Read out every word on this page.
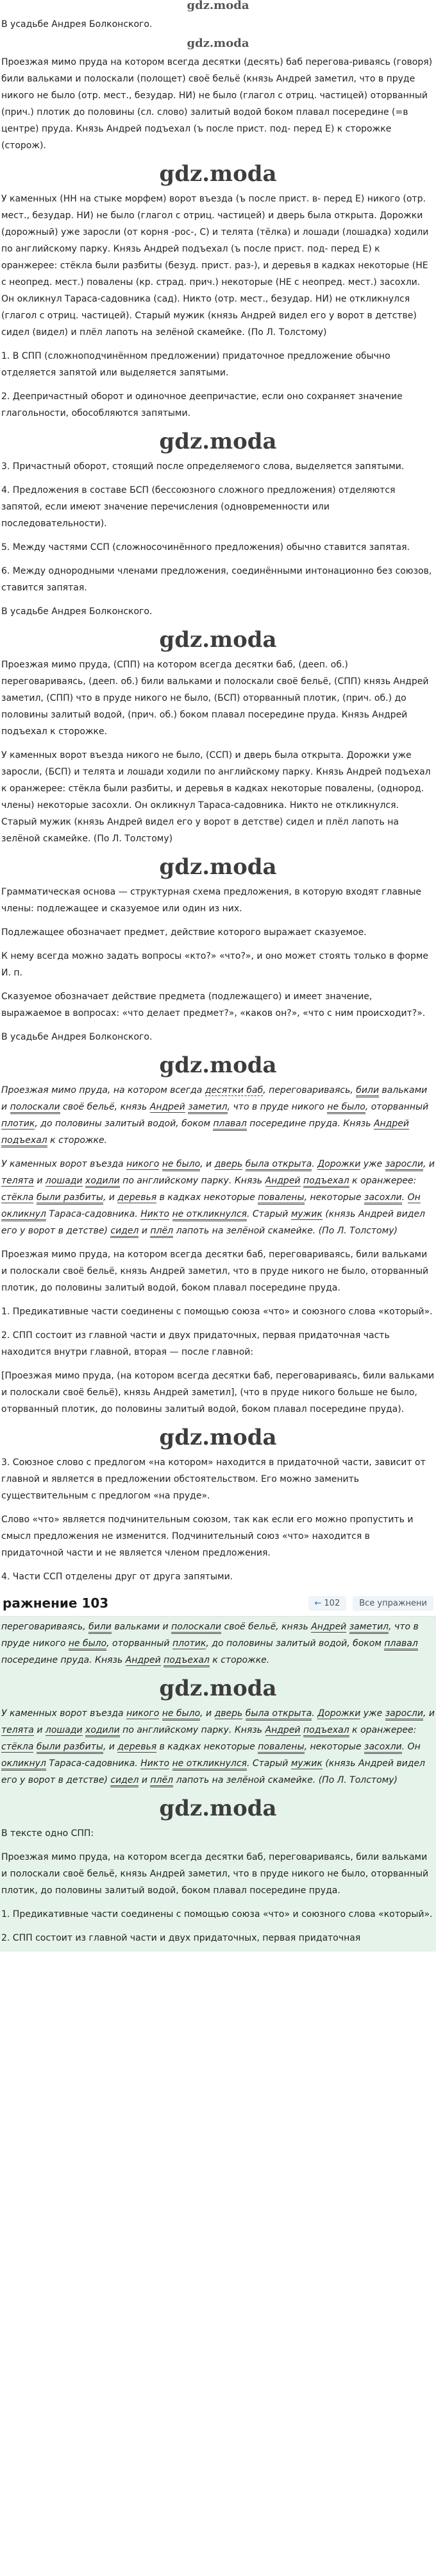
gdz.moda

В усадьбе Андрея Болконского.

gdz.moda

Проезжая мимо пруда на котором всегда десятки (десять) баб перегова-риваясь (говоря) били вальками и полоскали (полощет) своё бельё (князь Андрей заметил, что в пруде никого не было (отр. мест., безудар. НИ) не было (глагол с отриц. частицей) оторванный (прич.) плотик до половины (сл. слово) залитый водой боком плавал посередине (=в центре) пруда. Князь Андрей подъехал (ъ после прист. под- перед Е) к сторожке (сторож).

gdz.moda

У каменных (НН на стыке морфем) ворот въезда (ъ после прист. в- перед Е) никого (отр. мест., безудар. НИ) не было (глагол с отриц. частицей) и дверь была открыта. Дорожки (дорожный) уже заросли (от корня -рос-, С) и телята (тёлка) и лошади (лошадка) ходили по английскому парку. Князь Андрей подъехал (ъ после прист. под- перед Е) к оранжерее: стёкла были разбиты (безуд. прист. раз-), и деревья в кадках некоторые (НЕ с неопред. мест.) повалены (кр. страд. прич.) некоторые (НЕ с неопред. мест.) засохли. Он окликнул Тараса-садовника (сад). Никто (отр. мест., безудар. НИ) не откликнулся (глагол с отриц. частицей). Старый мужик (князь Андрей видел его у ворот в детстве) сидел (видел) и плёл лапоть на зелёной скамейке. (По Л. Толстому)

1. В СПП (сложноподчинённом предложении) придаточное предложение обычно отделяется запятой или выделяется запятыми.

2. Деепричастный оборот и одиночное деепричастие, если оно сохраняет значение глагольности, обособляются запятыми.

gdz.moda

3. Причастный оборот, стоящий после определяемого слова, выделяется запятыми.

4. Предложения в составе БСП (бессоюзного сложного предложения) отделяются запятой, если имеют значение перечисления (одновременности или последовательности).

5. Между частями ССП (сложносочинённого предложения) обычно ставится запятая.

6. Между однородными членами предложения, соединёнными интонационно без союзов, ставится запятая.

В усадьбе Андрея Болконского.

gdz.moda

Проезжая мимо пруда, (СПП) на котором всегда десятки баб, (дееп. об.) переговариваясь, (дееп. об.) били вальками и полоскали своё бельё, (СПП) князь Андрей заметил, (СПП) что в пруде никого не было, (БСП) оторванный плотик, (прич. об.) до половины залитый водой, (прич. об.) боком плавал посередине пруда. Князь Андрей подъехал к сторожке.

У каменных ворот въезда никого не было, (ССП) и дверь была открыта. Дорожки уже заросли, (БСП) и телята и лошади ходили по английскому парку. Князь Андрей подъехал к оранжерее: стёкла были разбиты, и деревья в кадках некоторые повалены, (однород. члены) некоторые засохли. Он окликнул Тараса-садовника. Никто не откликнулся. Старый мужик (князь Андрей видел его у ворот в детстве) сидел и плёл лапоть на зелёной скамейке. (По Л. Толстому)

gdz.moda

Грамматическая основа — структурная схема предложения, в которую входят главные члены: подлежащее и сказуемое или один из них.

Подлежащее обозначает предмет, действие которого выражает сказуемое.

К нему всегда можно задать вопросы «кто?» «что?», и оно может стоять только в форме И. п.

Сказуемое обозначает действие предмета (подлежащего) и имеет значение, выражаемое в вопросах: «что делает предмет?», «каков он?», «что с ним происходит?».

В усадьбе Андрея Болконского.

gdz.moda

Проезжая мимо пруда, на котором всегда десятки баб, переговариваясь, били вальками и полоскали своё бельё, князь Андрей заметил, что в пруде никого не было, оторванный плотик, до половины залитый водой, боком плавал посередине пруда. Князь Андрей подъехал к сторожке.

У каменных ворот въезда никого не было, и дверь была открыта. Дорожки уже заросли, и телята и лошади ходили по английскому парку. Князь Андрей подъехал к оранжерее: стёкла были разбиты, и деревья в кадках некоторые повалены, некоторые засохли. Он окликнул Тараса-садовника. Никто не откликнулся. Старый мужик (князь Андрей видел его у ворот в детстве) сидел и плёл лапоть на зелёной скамейке. (По Л. Толстому)

Проезжая мимо пруда, на котором всегда десятки баб, переговариваясь, били вальками и полоскали своё бельё, князь Андрей заметил, что в пруде никого не было, оторванный плотик, до половины залитый водой, боком плавал посередине пруда.

1. Предикативные части соединены с помощью союза «что» и союзного слова «который».

2. СПП состоит из главной части и двух придаточных, первая придаточная часть находится внутри главной, вторая — после главной:

[Проезжая мимо пруда, (на котором всегда десятки баб, переговариваясь, били вальками и полоскали своё бельё), князь Андрей заметил], (что в пруде никого больше не было, оторванный плотик, до половины залитый водой, боком плавал посередине пруда).

gdz.moda

3. Союзное слово с предлогом «на котором» находится в придаточной части, зависит от главной и является в предложении обстоятельством. Его можно заменить существительным с предлогом «на пруде».

Слово «что» является подчинительным союзом, так как если его можно пропустить и смысл предложения не изменится. Подчинительный союз «что» находится в придаточной части и не является членом предложения.

4. Части ССП отделены друг от друга запятыми.

ражнение 103	← 102	Все упражнени

переговариваясь, били вальками и полоскали своё бельё, князь Андрей заметил, что в пруде никого не было, оторванный плотик, до половины залитый водой, боком плавал посередине пруда. Князь Андрей подъехал к сторожке.

gdz.moda

У каменных ворот въезда никого не было, и дверь была открыта. Дорожки уже заросли, и телята и лошади ходили по английскому парку. Князь Андрей подъехал к оранжерее: стёкла были разбиты, и деревья в кадках некоторые повалены, некоторые засохли. Он окликнул Тараса-садовника. Никто не откликнулся. Старый мужик (князь Андрей видел его у ворот в детстве) сидел и плёл лапоть на зелёной скамейке. (По Л. Толстому)

gdz.moda

В тексте одно СПП:

Проезжая мимо пруда, на котором всегда десятки баб, переговариваясь, били вальками и полоскали своё бельё, князь Андрей заметил, что в пруде никого не было, оторванный плотик, до половины залитый водой, боком плавал посередине пруда.

1. Предикативные части соединены с помощью союза «что» и союзного слова «который».

2. СПП состоит из главной части и двух придаточных, первая придаточная
